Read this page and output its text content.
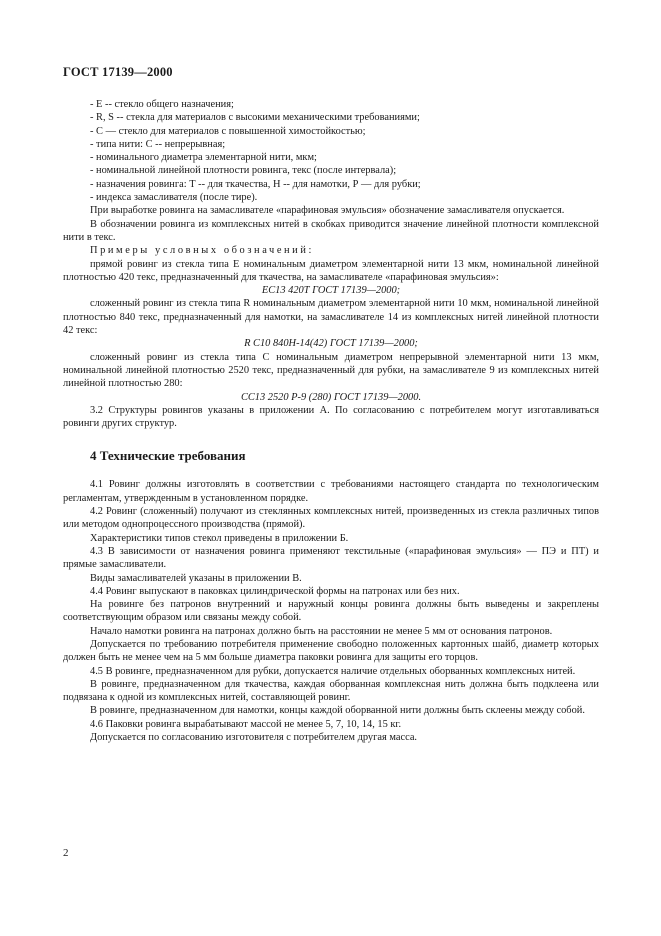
ГОСТ 17139—2000

- Е -- стекло общего назначения;

- R, S -- стекла для материалов с высокими механическими требованиями;

- С — стекло для материалов с повышенной химостойкостью;

- типа нити: С -- непрерывная;

- номинального диаметра элементарной нити, мкм;

- номинальной линейной плотности ровинга, текс (после интервала);

- назначения ровинга: Т -- для ткачества, Н -- для намотки, Р — для рубки;

- индекса замасливателя (после тире).

При выработке ровинга на замасливателе «парафиновая эмульсия» обозначение замасливателя опускается.

В обозначении ровинга из комплексных нитей в скобках приводится значение линейной плотности комплексной нити в текс.

Примеры условных обозначений:

прямой ровинг из стекла типа Е номинальным диаметром элементарной нити 13 мкм, номинальной линейной плотностью 420 текс, предназначенный для ткачества, на замасливателе «парафиновая эмульсия»:

ЕС13 420Т ГОСТ 17139—2000;

сложенный ровинг из стекла типа R номинальным диаметром элементарной нити 10 мкм, номинальной линейной плотностью 840 текс, предназначенный для намотки, на замасливателе 14 из комплексных нитей линейной плотности 42 текс:

R С10 840Н-14(42) ГОСТ 17139—2000;

сложенный ровинг из стекла типа С номинальным диаметром непрерывной элементарной нити 13 мкм, номинальной линейной плотностью 2520 текс, предназначенный для рубки, на замасливателе 9 из комплексных нитей линейной плотностью 280:

СС13 2520 Р-9 (280) ГОСТ 17139—2000.

3.2 Структуры ровингов указаны в приложении А. По согласованию с потребителем могут изготавливаться ровинги других структур.

4 Технические требования

4.1 Ровинг должны изготовлять в соответствии с требованиями настоящего стандарта по технологическим регламентам, утвержденным в установленном порядке.

4.2 Ровинг (сложенный) получают из стеклянных комплексных нитей, произведенных из стекла различных типов или методом однопроцессного производства (прямой).

Характеристики типов стекол приведены в приложении Б.

4.3 В зависимости от назначения ровинга применяют текстильные («парафиновая эмульсия» — ПЭ и ПТ) и прямые замасливатели.

Виды замасливателей указаны в приложении В.

4.4 Ровинг выпускают в паковках цилиндрической формы на патронах или без них.

На ровинге без патронов внутренний и наружный концы ровинга должны быть выведены и закреплены соответствующим образом или связаны между собой.

Начало намотки ровинга на патронах должно быть на расстоянии не менее 5 мм от основания патронов.

Допускается по требованию потребителя применение свободно положенных картонных шайб, диаметр которых должен быть не менее чем на 5 мм больше диаметра паковки ровинга для защиты его торцов.

4.5 В ровинге, предназначенном для рубки, допускается наличие отдельных оборванных комплексных нитей.

В ровинге, предназначенном для ткачества, каждая оборванная комплексная нить должна быть подклеена или подвязана к одной из комплексных нитей, составляющей ровинг.

В ровинге, предназначенном для намотки, концы каждой оборванной нити должны быть склеены между собой.

4.6 Паковки ровинга вырабатывают массой не менее 5, 7, 10, 14, 15 кг.

Допускается по согласованию изготовителя с потребителем другая масса.

2
